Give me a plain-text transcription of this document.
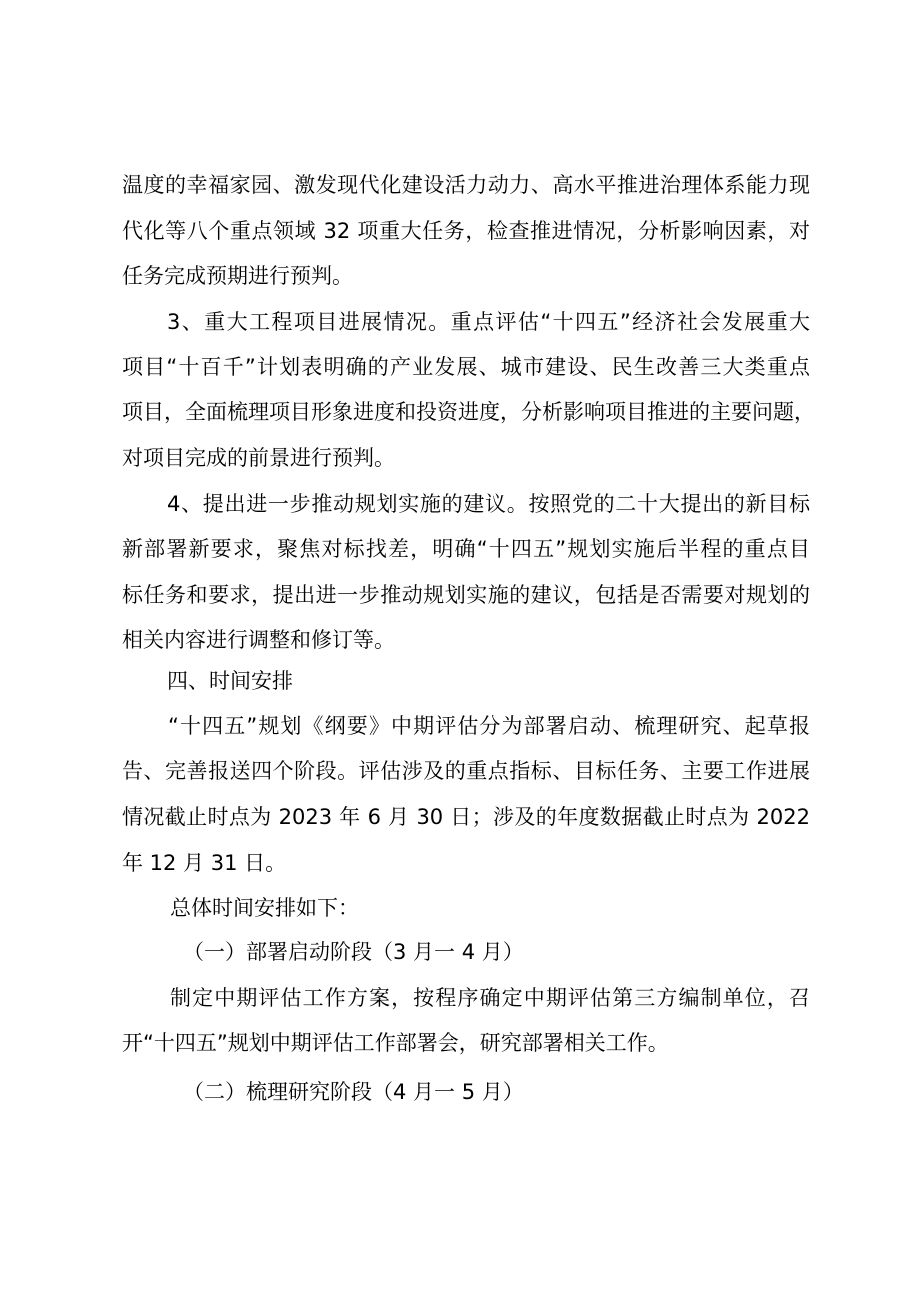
温度的幸福家园、激发现代化建设活力动力、高水平推进治理体系能力现
代化等八个重点领域 32 项重大任务，检查推进情况，分析影响因素，对
任务完成预期进行预判。
3、重大工程项目进展情况。重点评估“十四五”经济社会发展重大
项目“十百千”计划表明确的产业发展、城市建设、民生改善三大类重点
项目，全面梳理项目形象进度和投资进度，分析影响项目推进的主要问题，
对项目完成的前景进行预判。
4、提出进一步推动规划实施的建议。按照党的二十大提出的新目标
新部署新要求，聚焦对标找差，明确“十四五”规划实施后半程的重点目
标任务和要求，提出进一步推动规划实施的建议，包括是否需要对规划的
相关内容进行调整和修订等。
四、时间安排
“十四五”规划《纲要》中期评估分为部署启动、梳理研究、起草报
告、完善报送四个阶段。评估涉及的重点指标、目标任务、主要工作进展
情况截止时点为 2023 年 6 月 30 日；涉及的年度数据截止时点为 2022
年 12 月 31 日。
总体时间安排如下：
（一）部署启动阶段（3 月一 4 月）
制定中期评估工作方案，按程序确定中期评估第三方编制单位，召
开“十四五”规划中期评估工作部署会，研究部署相关工作。
（二）梳理研究阶段（4 月一 5 月）
